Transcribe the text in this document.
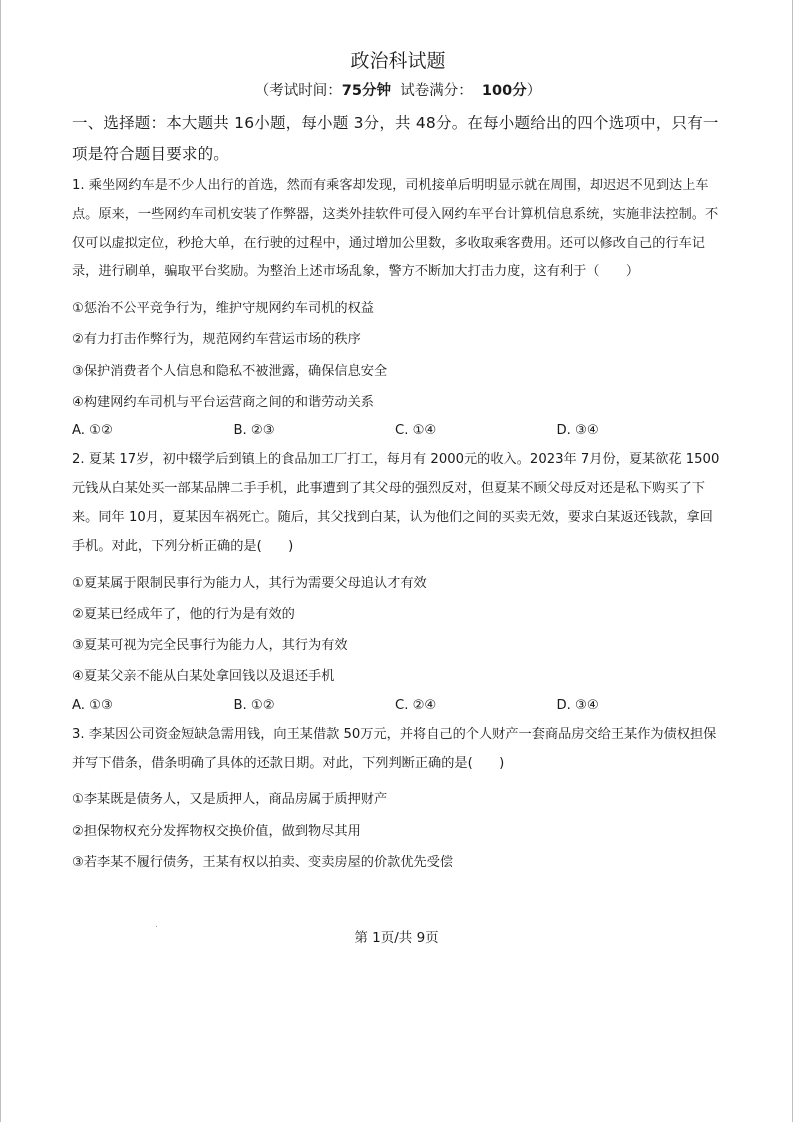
政治科试题
（考试时间：75分钟  试卷满分：  100分）
一、选择题：本大题共 16小题，每小题 3分，共 48分。在每小题给出的四个选项中，只有一项是符合题目要求的。
1. 乘坐网约车是不少人出行的首选，然而有乘客却发现，司机接单后明明显示就在周围，却迟迟不见到达上车点。原来，一些网约车司机安装了作弊器，这类外挂软件可侵入网约车平台计算机信息系统，实施非法控制。不仅可以虚拟定位，秒抢大单，在行驶的过程中，通过增加公里数，多收取乘客费用。还可以修改自己的行车记录，进行刷单，骗取平台奖励。为整治上述市场乱象，警方不断加大打击力度，这有利于（　　）
①惩治不公平竞争行为，维护守规网约车司机的权益
②有力打击作弊行为，规范网约车营运市场的秩序
③保护消费者个人信息和隐私不被泄露，确保信息安全
④构建网约车司机与平台运营商之间的和谐劳动关系
A. ①②	B. ②③	C. ①④	D. ③④
2. 夏某 17岁，初中辍学后到镇上的食品加工厂打工，每月有 2000元的收入。2023年 7月份，夏某欲花 1500元钱从白某处买一部某品牌二手手机，此事遭到了其父母的强烈反对，但夏某不顾父母反对还是私下购买了下来。同年 10月，夏某因车祸死亡。随后，其父找到白某，认为他们之间的买卖无效，要求白某返还钱款，拿回手机。对此，下列分析正确的是(　　)
①夏某属于限制民事行为能力人，其行为需要父母追认才有效
②夏某已经成年了，他的行为是有效的
③夏某可视为完全民事行为能力人，其行为有效
④夏某父亲不能从白某处拿回钱以及退还手机
A. ①③	B. ①②	C. ②④	D. ③④
3. 李某因公司资金短缺急需用钱，向王某借款 50万元，并将自己的个人财产一套商品房交给王某作为债权担保并写下借条，借条明确了具体的还款日期。对此，下列判断正确的是(　　)
①李某既是债务人，又是质押人，商品房属于质押财产
②担保物权充分发挥物权交换价值，做到物尽其用
③若李某不履行债务，王某有权以拍卖、变卖房屋的价款优先受偿
第 1页/共 9页
